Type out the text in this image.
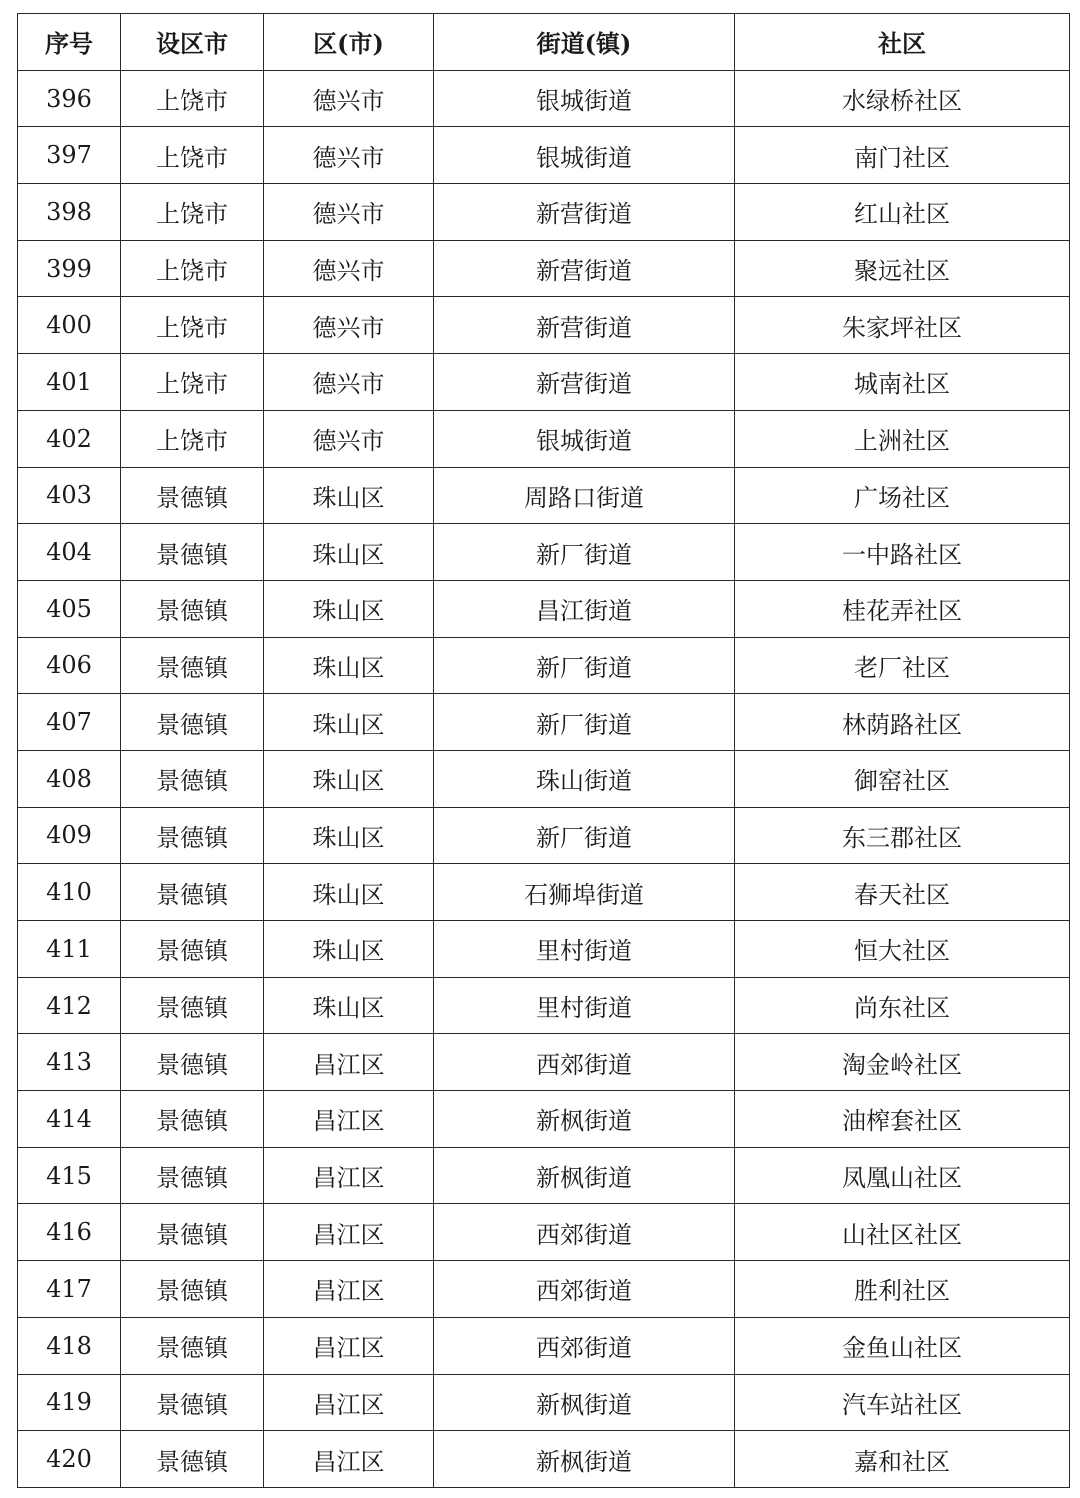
序号	设区市	区(市)	街道(镇)	社区
396	上饶市	德兴市	银城街道	水绿桥社区
397	上饶市	德兴市	银城街道	南门社区
398	上饶市	德兴市	新营街道	红山社区
399	上饶市	德兴市	新营街道	聚远社区
400	上饶市	德兴市	新营街道	朱家坪社区
401	上饶市	德兴市	新营街道	城南社区
402	上饶市	德兴市	银城街道	上洲社区
403	景德镇	珠山区	周路口街道	广场社区
404	景德镇	珠山区	新厂街道	一中路社区
405	景德镇	珠山区	昌江街道	桂花弄社区
406	景德镇	珠山区	新厂街道	老厂社区
407	景德镇	珠山区	新厂街道	林荫路社区
408	景德镇	珠山区	珠山街道	御窑社区
409	景德镇	珠山区	新厂街道	东三郡社区
410	景德镇	珠山区	石狮埠街道	春天社区
411	景德镇	珠山区	里村街道	恒大社区
412	景德镇	珠山区	里村街道	尚东社区
413	景德镇	昌江区	西郊街道	淘金岭社区
414	景德镇	昌江区	新枫街道	油榨套社区
415	景德镇	昌江区	新枫街道	凤凰山社区
416	景德镇	昌江区	西郊街道	山社区社区
417	景德镇	昌江区	西郊街道	胜利社区
418	景德镇	昌江区	西郊街道	金鱼山社区
419	景德镇	昌江区	新枫街道	汽车站社区
420	景德镇	昌江区	新枫街道	嘉和社区
